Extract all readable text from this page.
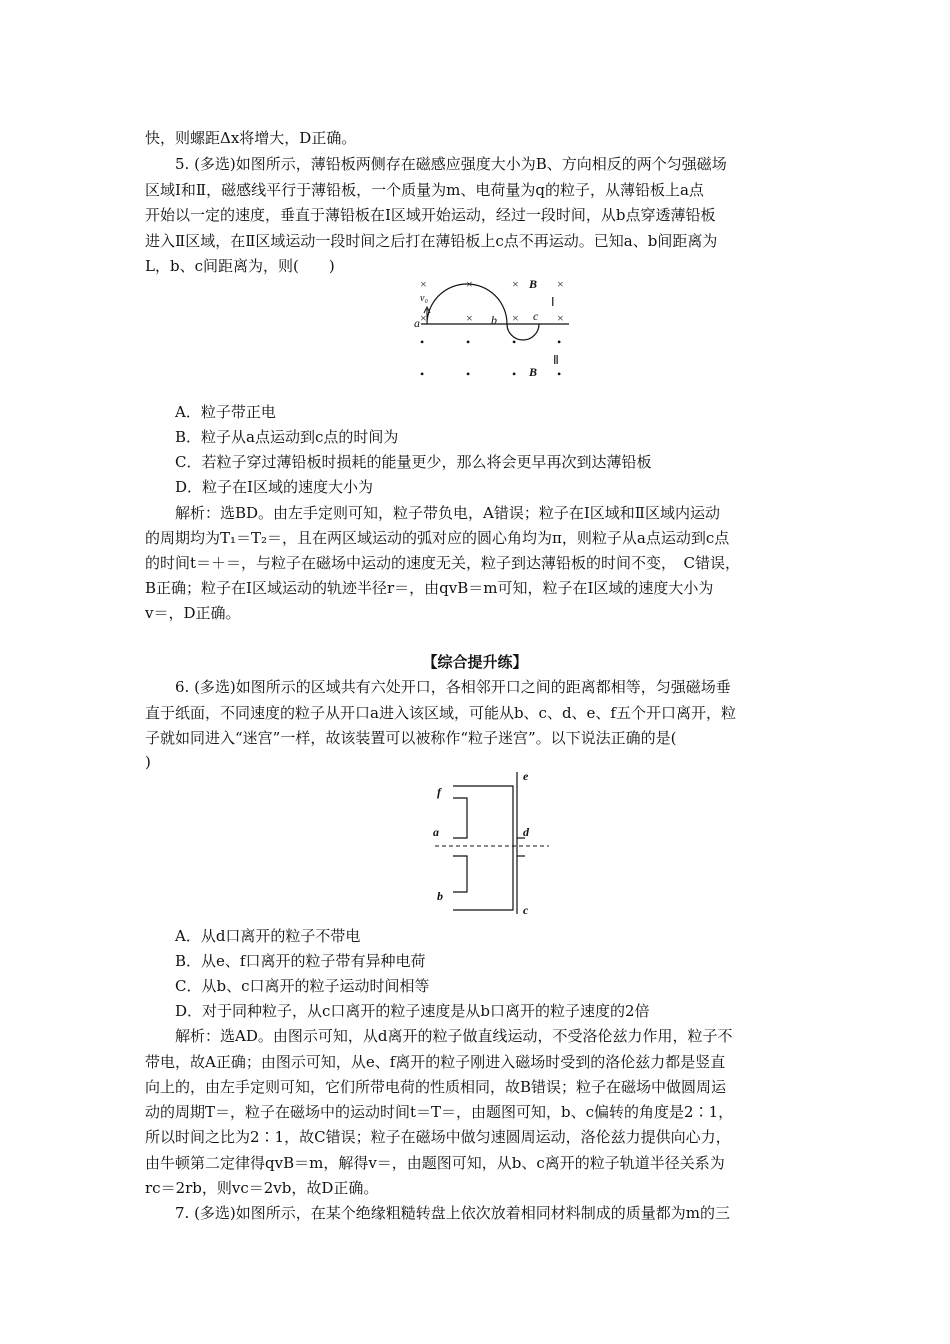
快，则螺距Δx将增大，D正确。
5. (多选)如图所示，薄铅板两侧存在磁感应强度大小为B、方向相反的两个匀强磁场
区域Ⅰ和Ⅱ，磁感线平行于薄铅板，一个质量为m、电荷量为q的粒子，从薄铅板上a点
开始以一定的速度，垂直于薄铅板在Ⅰ区域开始运动，经过一段时间，从b点穿透薄铅板
进入Ⅱ区域，在Ⅱ区域运动一段时间之后打在薄铅板上c点不再运动。已知a、b间距离为
L，b、c间距离为，则(　　)
×	×	×	×
×	×	×	×
•	•	•	•
•	•	•	•
B
B
Ⅰ
Ⅱ
v₀
a	b	c
A．粒子带正电
B．粒子从a点运动到c点的时间为
C．若粒子穿过薄铅板时损耗的能量更少，那么将会更早再次到达薄铅板
D．粒子在Ⅰ区域的速度大小为
解析：选BD。由左手定则可知，粒子带负电，A错误；粒子在Ⅰ区域和Ⅱ区域内运动
的周期均为T₁＝T₂＝，且在两区域运动的弧对应的圆心角均为π，则粒子从a点运动到c点
的时间t＝＋＝，与粒子在磁场中运动的速度无关，粒子到达薄铅板的时间不变，　C错误，
B正确；粒子在Ⅰ区域运动的轨迹半径r＝，由qvB＝m可知，粒子在Ⅰ区域的速度大小为
v＝，D正确。
【综合提升练】
6. (多选)如图所示的区域共有六处开口，各相邻开口之间的距离都相等，匀强磁场垂
直于纸面，不同速度的粒子从开口a进入该区域，可能从b、c、d、e、f五个开口离开，粒
子就如同进入“迷宫”一样，故该装置可以被称作“粒子迷宫”。以下说法正确的是(
)
f
a
b
e
d
c
A．从d口离开的粒子不带电
B．从e、f口离开的粒子带有异种电荷
C．从b、c口离开的粒子运动时间相等
D．对于同种粒子，从c口离开的粒子速度是从b口离开的粒子速度的2倍
解析：选AD。由图示可知，从d离开的粒子做直线运动，不受洛伦兹力作用，粒子不
带电，故A正确；由图示可知，从e、f离开的粒子刚进入磁场时受到的洛伦兹力都是竖直
向上的，由左手定则可知，它们所带电荷的性质相同，故B错误；粒子在磁场中做圆周运
动的周期T＝，粒子在磁场中的运动时间t＝T＝，由题图可知，b、c偏转的角度是2∶1，
所以时间之比为2∶1，故C错误；粒子在磁场中做匀速圆周运动，洛伦兹力提供向心力，
由牛顿第二定律得qvB＝m，解得v＝，由题图可知，从b、c离开的粒子轨道半径关系为
rc＝2rb，则vc＝2vb，故D正确。
7. (多选)如图所示，在某个绝缘粗糙转盘上依次放着相同材料制成的质量都为m的三
